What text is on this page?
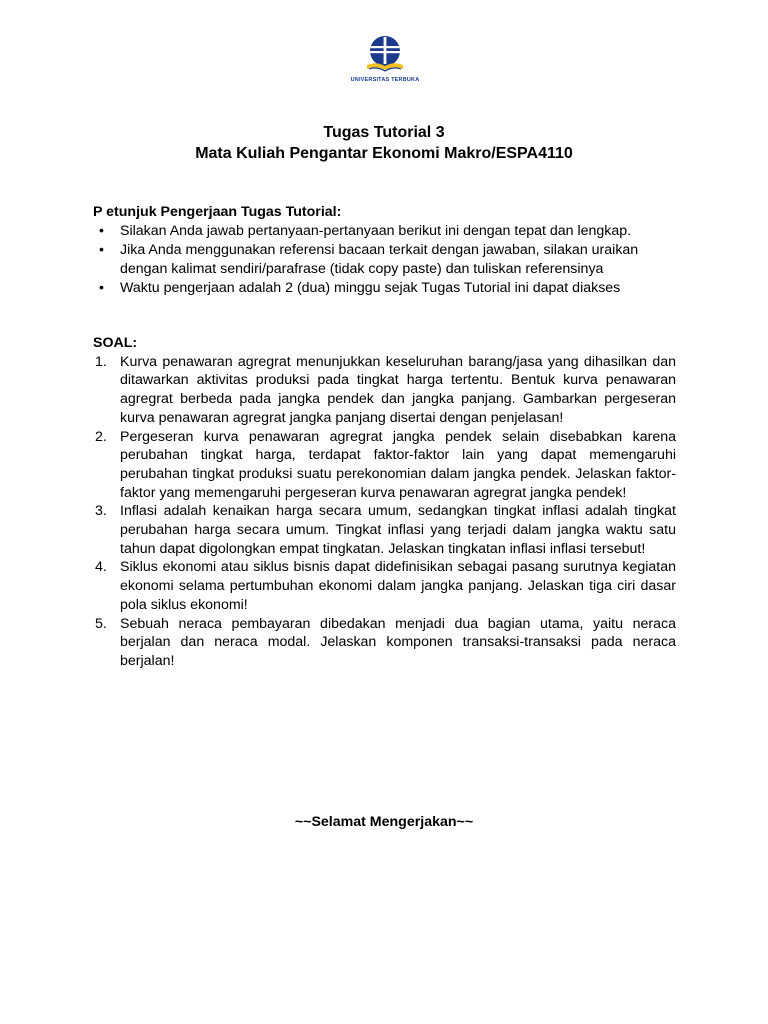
UNIVERSITAS TERBUKA
Tugas Tutorial 3
Mata Kuliah Pengantar Ekonomi Makro/ESPA4110

P etunjuk Pengerjaan Tugas Tutorial:

• Silakan Anda jawab pertanyaan-pertanyaan berikut ini dengan tepat dan lengkap.
• Jika Anda menggunakan referensi bacaan terkait dengan jawaban, silakan uraikan dengan kalimat sendiri/parafrase (tidak copy paste) dan tuliskan referensinya
• Waktu pengerjaan adalah 2 (dua) minggu sejak Tugas Tutorial ini dapat diakses

SOAL:

1. Kurva penawaran agregrat menunjukkan keseluruhan barang/jasa yang dihasilkan dan ditawarkan aktivitas produksi pada tingkat harga tertentu. Bentuk kurva penawaran agregrat berbeda pada jangka pendek dan jangka panjang. Gambarkan pergeseran kurva penawaran agregrat jangka panjang disertai dengan penjelasan!
2. Pergeseran kurva penawaran agregrat jangka pendek selain disebabkan karena perubahan tingkat harga, terdapat faktor-faktor lain yang dapat memengaruhi perubahan tingkat produksi suatu perekonomian dalam jangka pendek. Jelaskan faktor-faktor yang memengaruhi pergeseran kurva penawaran agregrat jangka pendek!
3. Inflasi adalah kenaikan harga secara umum, sedangkan tingkat inflasi adalah tingkat perubahan harga secara umum. Tingkat inflasi yang terjadi dalam jangka waktu satu tahun dapat digolongkan empat tingkatan. Jelaskan tingkatan inflasi inflasi tersebut!
4. Siklus ekonomi atau siklus bisnis dapat didefinisikan sebagai pasang surutnya kegiatan ekonomi selama pertumbuhan ekonomi dalam jangka panjang. Jelaskan tiga ciri dasar pola siklus ekonomi!
5. Sebuah neraca pembayaran dibedakan menjadi dua bagian utama, yaitu neraca berjalan dan neraca modal. Jelaskan komponen transaksi-transaksi pada neraca berjalan!
~~Selamat Mengerjakan~~
